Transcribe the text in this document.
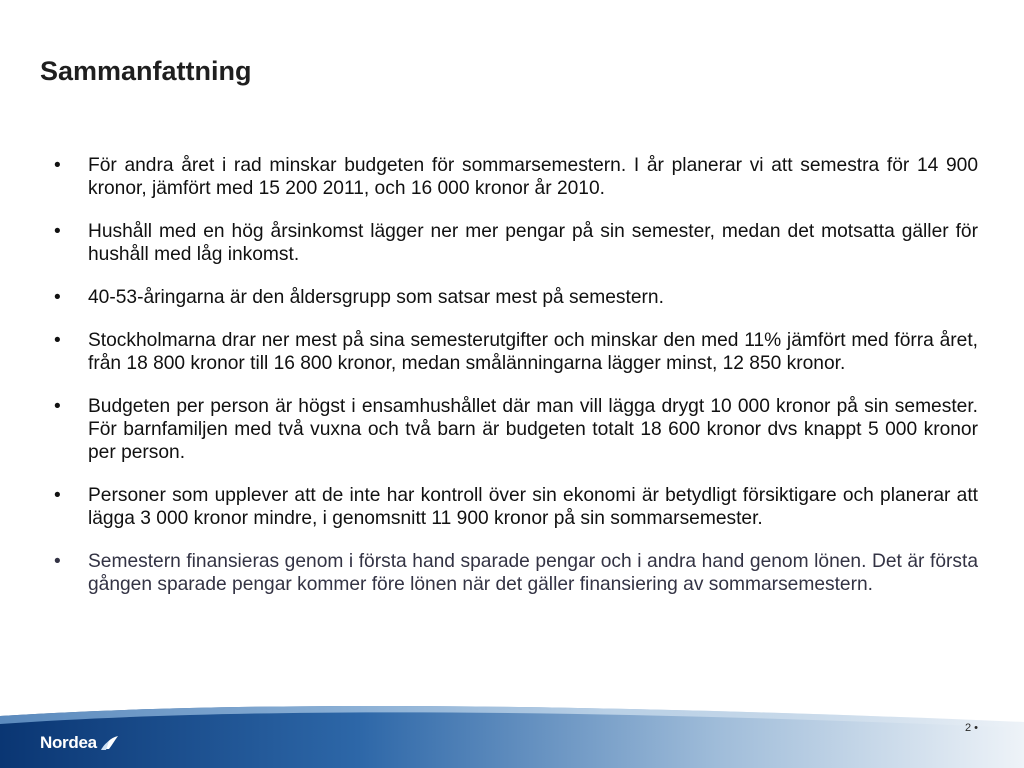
Sammanfattning
•	För andra året i rad minskar budgeten för sommarsemestern. I år planerar vi att semestra för 14 900 kronor, jämfört med 15 200 2011, och 16 000 kronor år 2010.
•	Hushåll med en hög årsinkomst lägger ner mer pengar på sin semester, medan det motsatta gäller för hushåll med låg inkomst.
•	40-53-åringarna är den åldersgrupp som satsar mest på semestern.
•	Stockholmarna drar ner mest på sina semesterutgifter och minskar den med 11% jämfört med förra året, från 18 800 kronor till 16 800 kronor, medan smålänningarna lägger minst, 12 850 kronor.
•	Budgeten per person är högst i ensamhushållet där man vill lägga drygt 10 000 kronor på sin semester. För barnfamiljen med två vuxna och två barn är budgeten totalt 18 600 kronor dvs knappt 5 000 kronor per person.
•	Personer som upplever att de inte har kontroll över sin ekonomi är betydligt försiktigare och planerar att lägga 3 000 kronor mindre, i genomsnitt 11 900 kronor på sin sommarsemester.
•	Semestern finansieras genom i första hand sparade pengar och i andra hand genom lönen. Det är första gången sparade pengar kommer före lönen när det gäller finansiering av sommarsemestern.
Nordea
2 •
